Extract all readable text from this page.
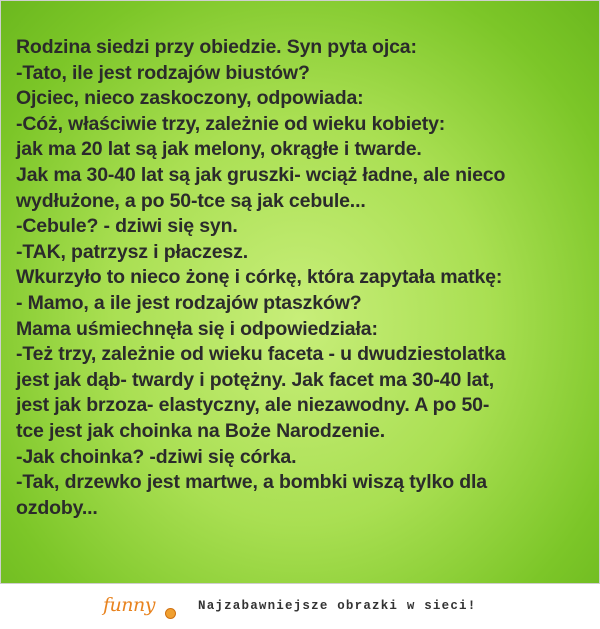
Rodzina siedzi przy obiedzie. Syn pyta ojca:
-Tato, ile jest rodzajów biustów?
Ojciec, nieco zaskoczony, odpowiada:
-Cóż, właściwie trzy, zależnie od wieku kobiety:
jak ma 20 lat są jak melony, okrągłe i twarde.
Jak ma 30-40 lat są jak gruszki- wciąż ładne, ale nieco
wydłużone, a po 50-tce są jak cebule...
-Cebule? - dziwi się syn.
-TAK, patrzysz i płaczesz.
Wkurzyło to nieco żonę i córkę, która zapytała matkę:
- Mamo, a ile jest rodzajów ptaszków?
Mama uśmiechnęła się i odpowiedziała:
-Też trzy, zależnie od wieku faceta - u dwudziestolatka
jest jak dąb- twardy i potężny. Jak facet ma 30-40 lat,
jest jak brzoza- elastyczny, ale niezawodny. A po 50-
tce jest jak choinka na Boże Narodzenie.
-Jak choinka? -dziwi się córka.
-Tak, drzewko jest martwe, a bombki wiszą tylko dla
ozdoby...
funny	Najzabawniejsze obrazki w sieci!
